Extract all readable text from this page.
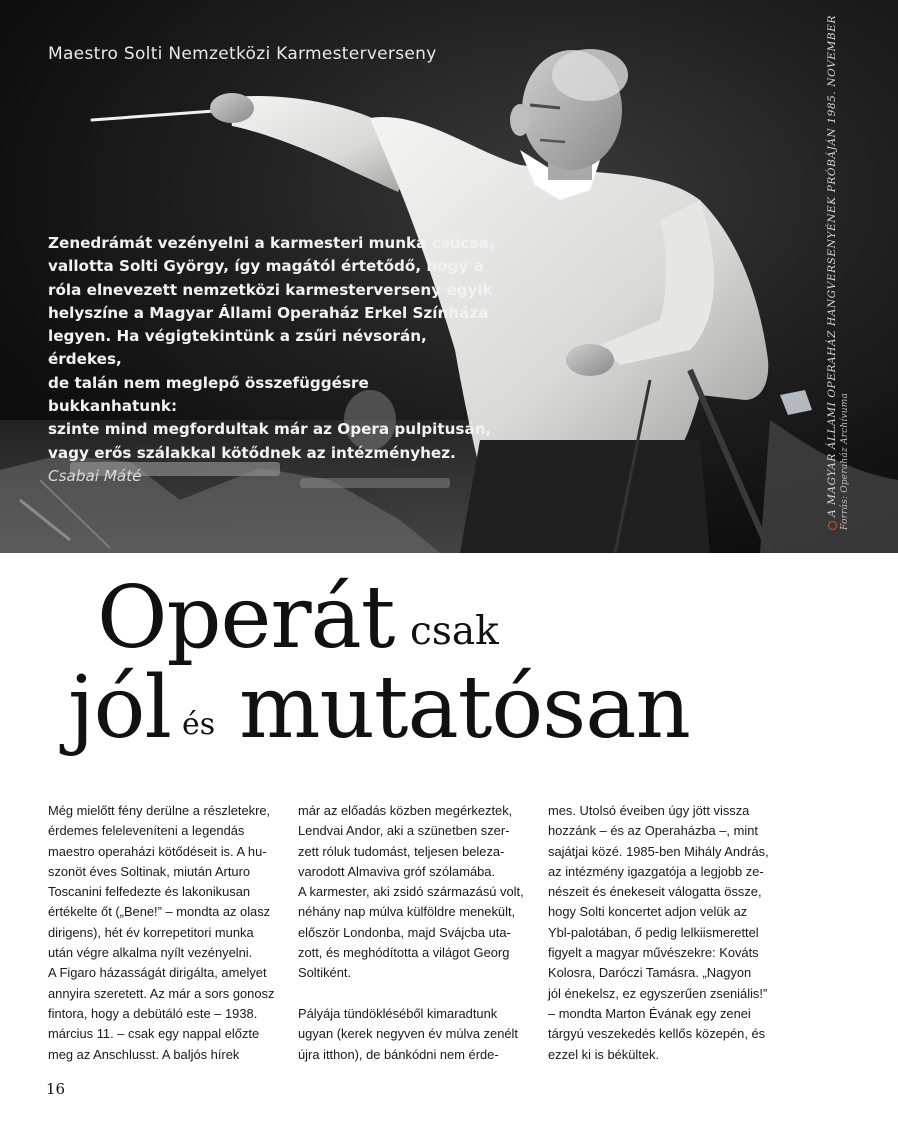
Maestro Solti Nemzetközi Karmesterverseny

Zenedrámát vezényelni a karmesteri munka csúcsa,

vallotta Solti György, így magától értetődő, hogy a

róla elnevezett nemzetközi karmesterverseny egyik

helyszíne a Magyar Állami Operaház Erkel Színháza

legyen. Ha végigtekintünk a zsűri névsorán, érdekes,

de talán nem meglepő összefüggésre bukkanhatunk:

szinte mind megfordultak már az Opera pulpitusán,

vagy erős szálakkal kötődnek az intézményhez.

Csabai Máté	A MAGYAR ÁLLAMI OPERAHÁZ HANGVERSENYÉNEK PRÓBÁJÁN 1985. NOVEMBER Forrás: Operaház Archívuma
Operát csak
jól és mutatósan
Még mielőtt fény derülne a részletekre,
érdemes feleleveníteni a legendás
maestro operaházi kötődéseit is. A hu-
szonöt éves Soltinak, miután Arturo
Toscanini felfedezte és lakonikusan
értékelte őt („Bene!” – mondta az olasz
dirigens), hét év korrepetitori munka
után végre alkalma nyílt vezényelni.
A Figaro házasságát dirigálta, amelyet
annyira szeretett. Az már a sors gonosz
fintora, hogy a debütáló este – 1938.
március 11. – csak egy nappal előzte
meg az Anschlusst. A baljós hírek
már az előadás közben megérkeztek,
Lendvai Andor, aki a szünetben szer-
zett róluk tudomást, teljesen beleza-
varodott Almaviva gróf szólamába.
A karmester, aki zsidó származású volt,
néhány nap múlva külföldre menekült,
először Londonba, majd Svájcba uta-
zott, és meghódította a világot Georg
Soltiként.
Pályája tündökléséből kimaradtunk
ugyan (kerek negyven év múlva zenélt
újra itthon), de bánkódni nem érde-
mes. Utolsó éveiben úgy jött vissza
hozzánk – és az Operaházba –, mint
sajátjai közé. 1985-ben Mihály András,
az intézmény igazgatója a legjobb ze-
nészeit és énekeseit válogatta össze,
hogy Solti koncertet adjon velük az
Ybl-palotában, ő pedig lelkiismerettel
figyelt a magyar művészekre: Kováts
Kolosra, Daróczi Tamásra. „Nagyon
jól énekelsz, ez egyszerűen zseniális!”
– mondta Marton Évának egy zenei
tárgyú veszekedés kellős közepén, és
ezzel ki is békültek.
16
